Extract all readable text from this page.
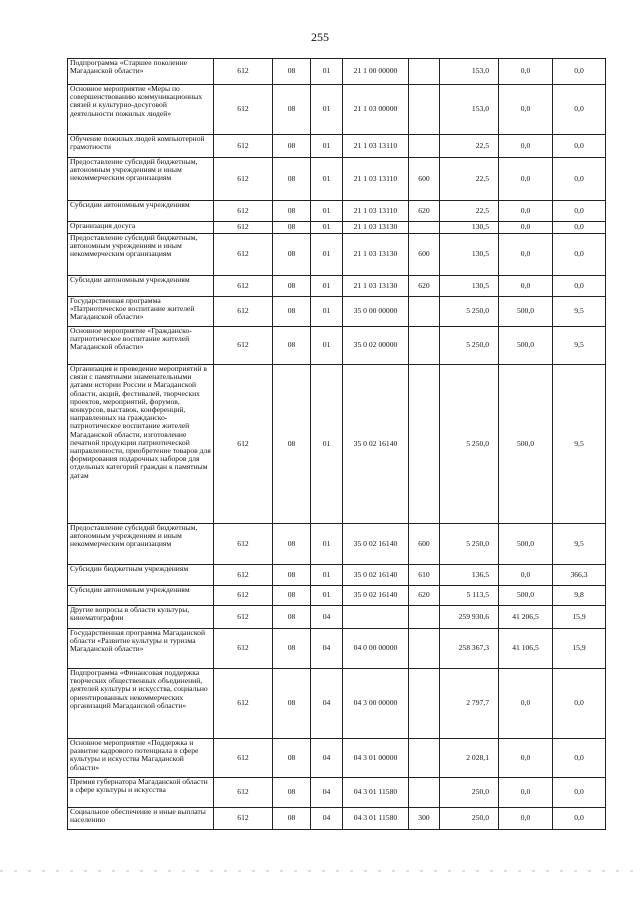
255
Подпрограмма «Старшее поколение Магаданской области»	612	08	01	21 1 00 00000		153,0	0,0	0,0
Основное мероприятие «Меры по совершенствованию коммуникационных связей и культурно-досуговой деятельности пожилых людей»	612	08	01	21 1 03 00000		153,0	0,0	0,0
Обучение пожилых людей компьютерной грамотности	612	08	01	21 1 03 13110		22,5	0,0	0,0
Предоставление субсидий бюджетным, автономным учреждениям и иным некоммерческим организациям	612	08	01	21 1 03 13110	600	22,5	0,0	0,0
Субсидии автономным учреждениям	612	08	01	21 1 03 13110	620	22,5	0,0	0,0
Организация досуга	612	08	01	21 1 03 13130		130,5	0,0	0,0
Предоставление субсидий бюджетным, автономным учреждениям и иным некоммерческим организациям	612	08	01	21 1 03 13130	600	130,5	0,0	0,0
Субсидии автономным учреждениям	612	08	01	21 1 03 13130	620	130,5	0,0	0,0
Государственная программа «Патриотическое воспитание жителей Магаданской области»	612	08	01	35 0 00 00000		5 250,0	500,0	9,5
Основное мероприятие «Гражданско-патриотическое воспитание жителей Магаданской области»	612	08	01	35 0 02 00000		5 250,0	500,0	9,5
Организация и проведение мероприятий в связи с памятными знаменательными датами истории России и Магаданской области, акций, фестивалей, творческих проектов, мероприятий, форумов, конкурсов, выставок, конференций, направленных на гражданско-патриотическое воспитание жителей Магаданской области, изготовление печатной продукции патриотической направленности, приобретение товаров для формирования подарочных наборов для отдельных категорий граждан к памятным датам	612	08	01	35 0 02 16140		5 250,0	500,0	9,5
Предоставление субсидий бюджетным, автономным учреждениям и иным некоммерческим организациям	612	08	01	35 0 02 16140	600	5 250,0	500,0	9,5
Субсидии бюджетным учреждениям	612	08	01	35 0 02 16140	610	136,5	0,0	366,3
Субсидии автономным учреждениям	612	08	01	35 0 02 16140	620	5 113,5	500,0	9,8
Другие вопросы в области культуры, кинематографии	612	08	04			259 930,6	41 206,5	15,9
Государственная программа Магаданской области «Развитие культуры и туризма Магаданской области»	612	08	04	04 0 00 00000		258 367,3	41 106,5	15,9
Подпрограмма «Финансовая поддержка творческих общественных объединений, деятелей культуры и искусства, социально ориентированных некоммерческих организаций Магаданской области»	612	08	04	04 3 00 00000		2 797,7	0,0	0,0
Основное мероприятие «Поддержка и развитие кадрового потенциала в сфере культуры и искусства Магаданской области»	612	08	04	04 3 01 00000		2 028,1	0,0	0,0
Премия губернатора Магаданской области в сфере культуры и искусства	612	08	04	04 3 01 11580		250,0	0,0	0,0
Социальное обеспечение и иные выплаты населению	612	08	04	04 3 01 11580	300	250,0	0,0	0,0
